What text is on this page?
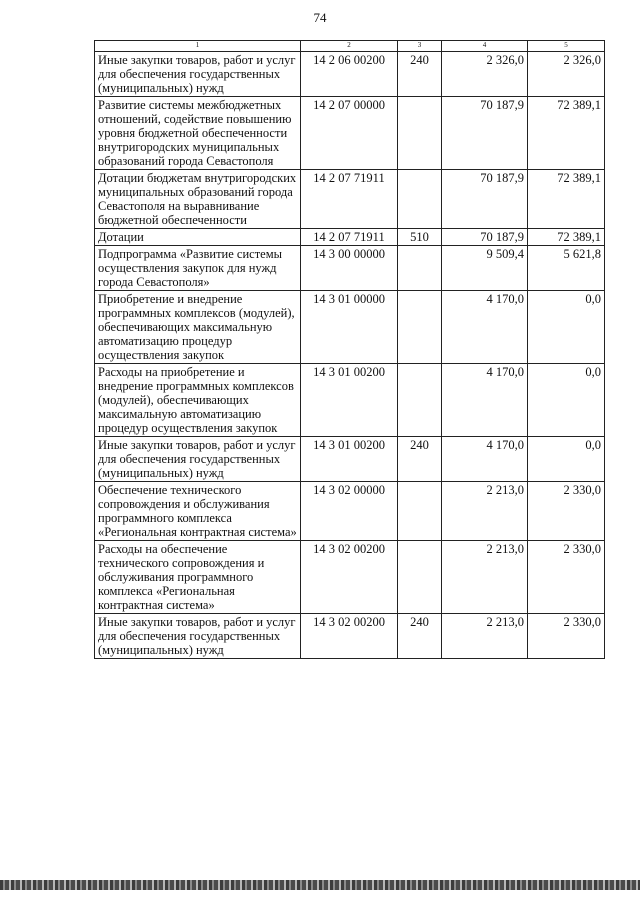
74
1	2	3	4	5
Иные закупки товаров, работ и услуг для обеспечения государственных (муниципальных) нужд	14 2 06 00200	240	2 326,0	2 326,0
Развитие системы межбюджетных отношений, содействие повышению уровня бюджетной обеспеченности внутригородских муниципальных образований города Севастополя	14 2 07 00000		70 187,9	72 389,1
Дотации бюджетам внутригородских муниципальных образований города Севастополя на выравнивание бюджетной обеспеченности	14 2 07 71911		70 187,9	72 389,1
Дотации	14 2 07 71911	510	70 187,9	72 389,1
Подпрограмма «Развитие системы осуществления закупок для нужд города Севастополя»	14 3 00 00000		9 509,4	5 621,8
Приобретение и внедрение программных комплексов (модулей), обеспечивающих максимальную автоматизацию процедур осуществления закупок	14 3 01 00000		4 170,0	0,0
Расходы на приобретение и внедрение программных комплексов (модулей), обеспечивающих максимальную автоматизацию процедур осуществления закупок	14 3 01 00200		4 170,0	0,0
Иные закупки товаров, работ и услуг для обеспечения государственных (муниципальных) нужд	14 3 01 00200	240	4 170,0	0,0
Обеспечение технического сопровождения и обслуживания программного комплекса «Региональная контрактная система»	14 3 02 00000		2 213,0	2 330,0
Расходы на обеспечение технического сопровождения и обслуживания программного комплекса «Региональная контрактная система»	14 3 02 00200		2 213,0	2 330,0
Иные закупки товаров, работ и услуг для обеспечения государственных (муниципальных) нужд	14 3 02 00200	240	2 213,0	2 330,0
